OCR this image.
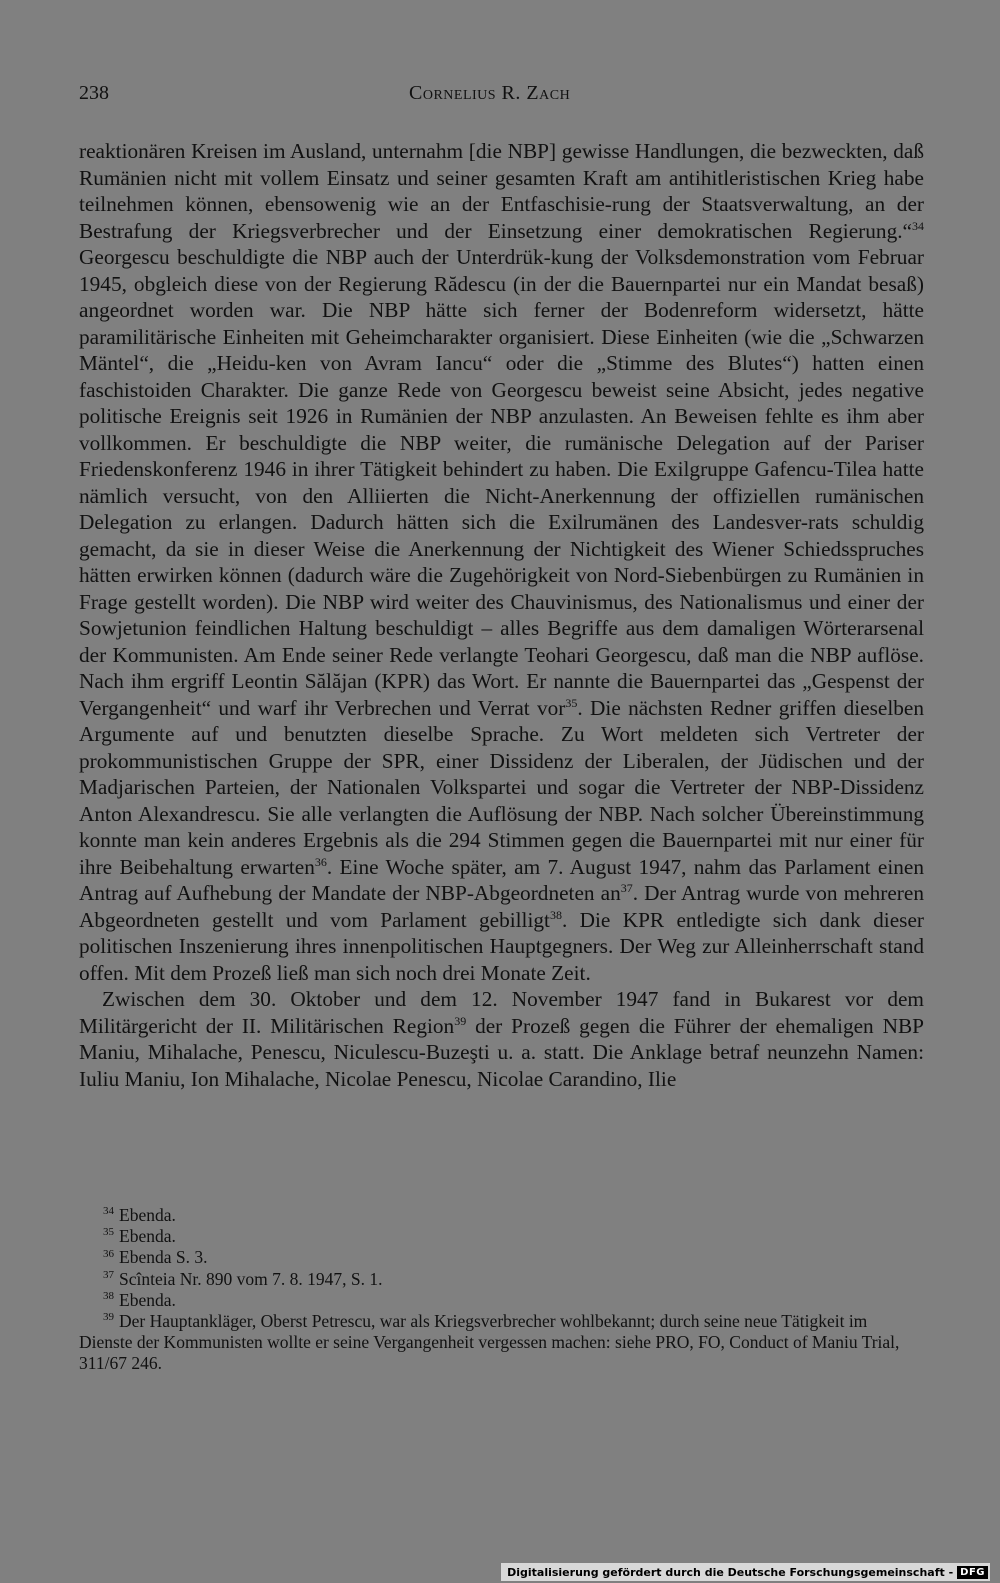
238	Cornelius R. Zach

reaktionären Kreisen im Ausland, unternahm [die NBP] gewisse Handlungen, die bezweckten, daß Rumänien nicht mit vollem Einsatz und seiner gesamten Kraft am antihitleristischen Krieg habe teilnehmen können, ebensowenig wie an der Entfaschisie-rung der Staatsverwaltung, an der Bestrafung der Kriegsverbrecher und der Einsetzung einer demokratischen Regierung.“$^{34}$ Georgescu beschuldigte die NBP auch der Unterdrük-kung der Volksdemonstration vom Februar 1945, obgleich diese von der Regierung Rădescu (in der die Bauernpartei nur ein Mandat besaß) angeordnet worden war. Die NBP hätte sich ferner der Bodenreform widersetzt, hätte paramilitärische Einheiten mit Geheimcharakter organisiert. Diese Einheiten (wie die „Schwarzen Mäntel“, die „Heidu-ken von Avram Iancu“ oder die „Stimme des Blutes“) hatten einen faschistoiden Charakter. Die ganze Rede von Georgescu beweist seine Absicht, jedes negative politische Ereignis seit 1926 in Rumänien der NBP anzulasten. An Beweisen fehlte es ihm aber vollkommen. Er beschuldigte die NBP weiter, die rumänische Delegation auf der Pariser Friedenskonferenz 1946 in ihrer Tätigkeit behindert zu haben. Die Exilgruppe Gafencu-Tilea hatte nämlich versucht, von den Alliierten die Nicht-Anerkennung der offiziellen rumänischen Delegation zu erlangen. Dadurch hätten sich die Exilrumänen des Landesver-rats schuldig gemacht, da sie in dieser Weise die Anerkennung der Nichtigkeit des Wiener Schiedsspruches hätten erwirken können (dadurch wäre die Zugehörigkeit von Nord-Siebenbürgen zu Rumänien in Frage gestellt worden). Die NBP wird weiter des Chauvinismus, des Nationalismus und einer der Sowjetunion feindlichen Haltung beschuldigt – alles Begriffe aus dem damaligen Wörterarsenal der Kommunisten. Am Ende seiner Rede verlangte Teohari Georgescu, daß man die NBP auflöse. Nach ihm ergriff Leontin Sălăjan (KPR) das Wort. Er nannte die Bauernpartei das „Gespenst der Vergangenheit“ und warf ihr Verbrechen und Verrat vor$^{35}$. Die nächsten Redner griffen dieselben Argumente auf und benutzten dieselbe Sprache. Zu Wort meldeten sich Vertreter der prokommunistischen Gruppe der SPR, einer Dissidenz der Liberalen, der Jüdischen und der Madjarischen Parteien, der Nationalen Volkspartei und sogar die Vertreter der NBP-Dissidenz Anton Alexandrescu. Sie alle verlangten die Auflösung der NBP. Nach solcher Übereinstimmung konnte man kein anderes Ergebnis als die 294 Stimmen gegen die Bauernpartei mit nur einer für ihre Beibehaltung erwarten$^{36}$. Eine Woche später, am 7. August 1947, nahm das Parlament einen Antrag auf Aufhebung der Mandate der NBP-Abgeordneten $an^{37}$. Der Antrag wurde von mehreren Abgeordneten gestellt und vom Parlament gebilligt$^{38}$. Die KPR entledigte sich dank dieser politischen Inszenierung ihres innenpolitischen Hauptgegners. Der Weg zur Alleinherrschaft stand offen. Mit dem Prozeß ließ man sich noch drei Monate Zeit.

Zwischen dem 30. Oktober und dem 12. November 1947 fand in Bukarest vor dem Militärgericht der II. Militärischen Region$^{39}$ der Prozeß gegen die Führer der ehemaligen NBP Maniu, Mihalache, Penescu, Niculescu-Buzeşti u. a. statt. Die Anklage betraf neunzehn Namen: Iuliu Maniu, Ion Mihalache, Nicolae Penescu, Nicolae Carandino, Ilie

$^{34}$ Ebenda.
$^{35}$ Ebenda.
$^{36}$ Ebenda S. 3.
$^{37}$ Scînteia Nr. 890 vom 7. 8. 1947, S. 1.
$^{38}$ Ebenda.
$^{39}$ Der Hauptankläger, Oberst Petrescu, war als Kriegsverbrecher wohlbekannt; durch seine neue Tätigkeit im Dienste der Kommunisten wollte er seine Vergangenheit vergessen machen: siehe PRO, FO, Conduct of Maniu Trial, 311/67 246.
Digitalisierung gefördert durch die Deutsche Forschungsgemeinschaft - DFG
